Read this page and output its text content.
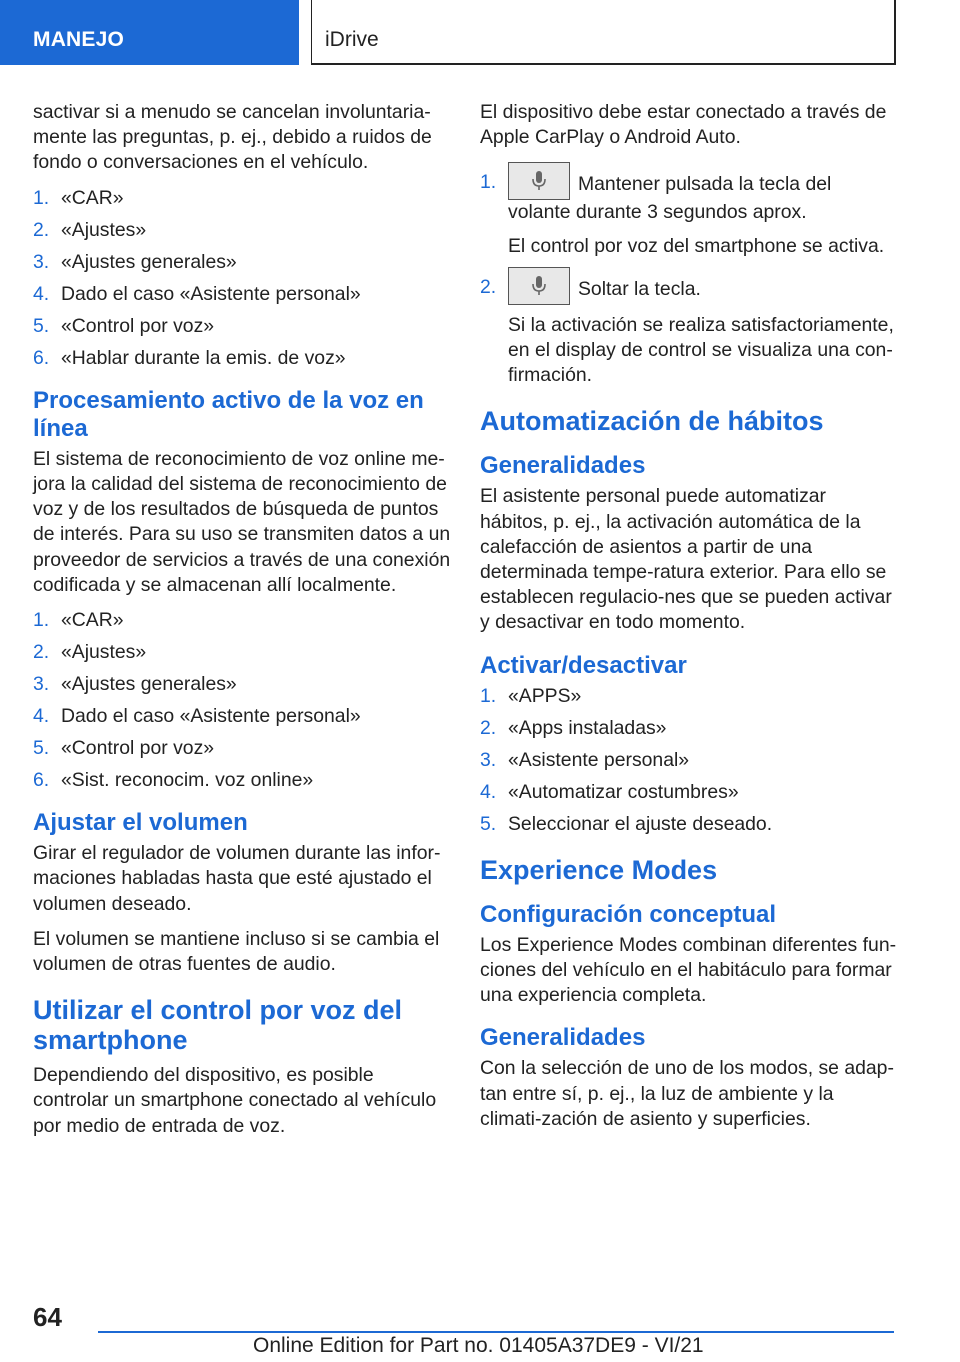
MANEJO	iDrive

sactivar si a menudo se cancelan involuntaria-mente las preguntas, p. ej., debido a ruidos de fondo o conversaciones en el vehículo.

1. «CAR»
2. «Ajustes»
3. «Ajustes generales»
4. Dado el caso «Asistente personal»
5. «Control por voz»
6. «Hablar durante la emis. de voz»
Procesamiento activo de la voz en línea

El sistema de reconocimiento de voz online me-jora la calidad del sistema de reconocimiento de voz y de los resultados de búsqueda de puntos de interés. Para su uso se transmiten datos a un proveedor de servicios a través de una conexión codificada y se almacenan allí localmente.

1. «CAR»
2. «Ajustes»
3. «Ajustes generales»
4. Dado el caso «Asistente personal»
5. «Control por voz»
6. «Sist. reconocim. voz online»
Ajustar el volumen

Girar el regulador de volumen durante las infor-maciones habladas hasta que esté ajustado el volumen deseado.

El volumen se mantiene incluso si se cambia el volumen de otras fuentes de audio.

Utilizar el control por voz del smartphone

Dependiendo del dispositivo, es posible controlar un smartphone conectado al vehículo por medio de entrada de voz.

El dispositivo debe estar conectado a través de Apple CarPlay o Android Auto.

1.	Mantener pulsada la tecla del volante durante 3 segundos aprox.
El control por voz del smartphone se activa.
2.	Soltar la tecla.
Si la activación se realiza satisfactoriamente, en el display de control se visualiza una con-firmación.
Automatización de hábitos
Generalidades

El asistente personal puede automatizar hábitos, p. ej., la activación automática de la calefacción de asientos a partir de una determinada tempe-ratura exterior. Para ello se establecen regulacio-nes que se pueden activar y desactivar en todo momento.

Activar/desactivar
1. «APPS»
2. «Apps instaladas»
3. «Asistente personal»
4. «Automatizar costumbres»
5. Seleccionar el ajuste deseado.
Experience Modes
Configuración conceptual

Los Experience Modes combinan diferentes fun-ciones del vehículo en el habitáculo para formar una experiencia completa.

Generalidades

Con la selección de uno de los modos, se adap-tan entre sí, p. ej., la luz de ambiente y la climati-zación de asiento y superficies.

64
Online Edition for Part no. 01405A37DE9 - VI/21
